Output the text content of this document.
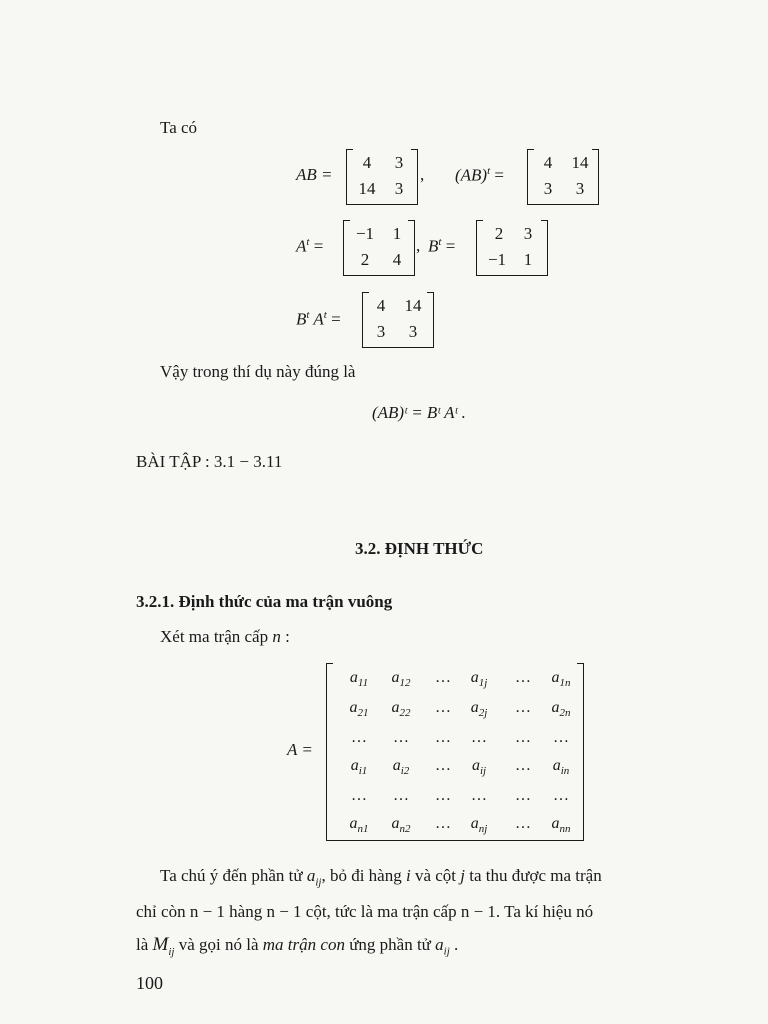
Ta có
AB =
4	3
14	3
, (AB)$^t$ =
4	14
3	3
$A^t$ =
−1	1
2	4
, $B^t$ =
2	3
−1	1
$B^t$ $A^t$ =
4	14
3	3
Vậy trong thí dụ này đúng là
(AB)ᵗ = Bᵗ Aᵗ .
BÀI TẬP : 3.1 − 3.11
3.2. ĐỊNH THỨC
3.2.1. Định thức của ma trận vuông
Xét ma trận cấp n :
A =
$a_{11}$	$a_{12}$	…	$a_{1j}$	…	$a_{1n}$
$a_{21}$	$a_{22}$	…	$a_{2j}$	…	$a_{2n}$
…	…	…	…	…	…
$a_{i1}$	$a_{i2}$	…	$a_{ij}$	…	$a_{in}$
…	…	…	…	…	…
$a_{n1}$	$a_{n2}$	…	$a_{nj}$	…	$a_{nn}$
Ta chú ý đến phần tử $a_{ij}$, bỏ đi hàng i và cột j ta thu được ma trận
chỉ còn n − 1 hàng n − 1 cột, tức là ma trận cấp n − 1. Ta kí hiệu nó
là $M_{ij}$ và gọi nó là ma trận con ứng phần tử $a_{ij}$ .
100
